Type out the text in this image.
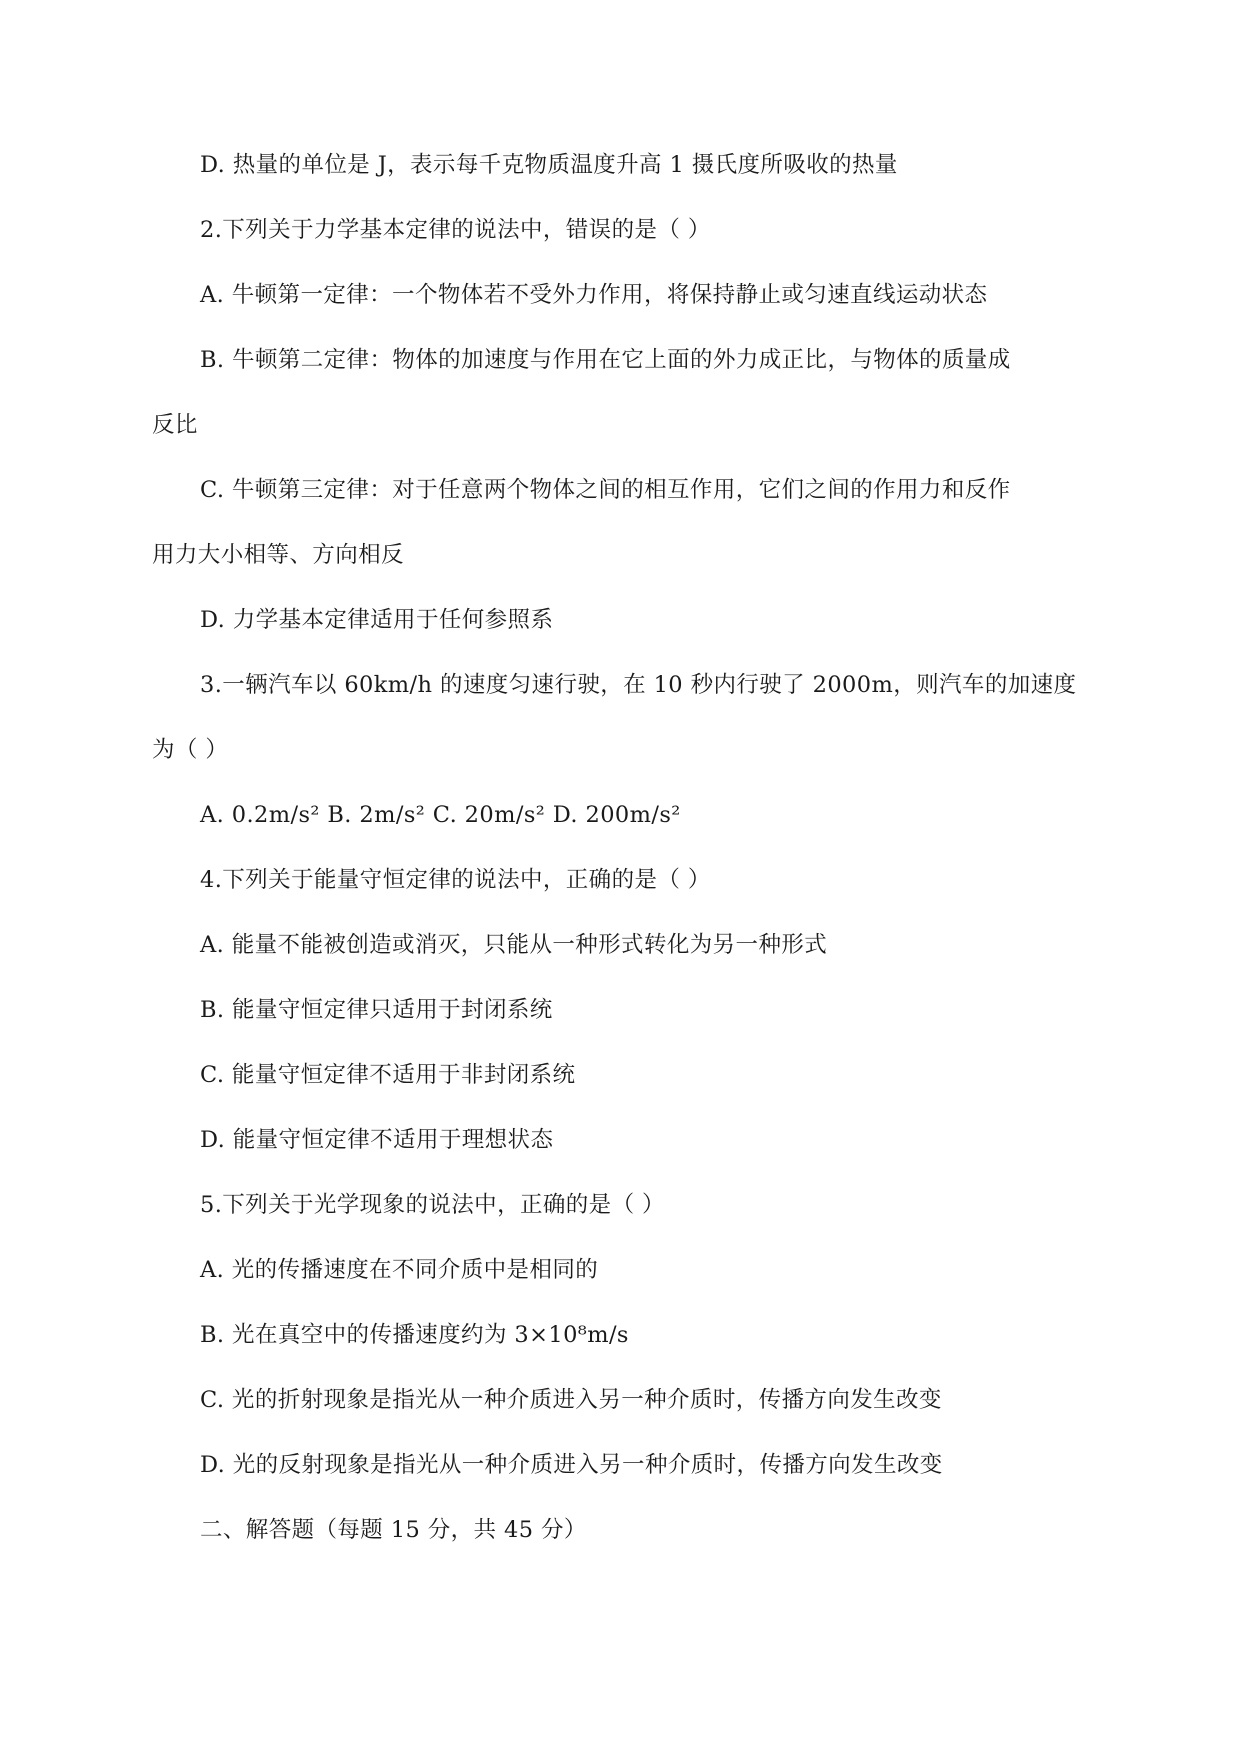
D. 热量的单位是 J，表示每千克物质温度升高 1 摄氏度所吸收的热量
2.下列关于力学基本定律的说法中，错误的是（ ）
A. 牛顿第一定律：一个物体若不受外力作用，将保持静止或匀速直线运动状态
B. 牛顿第二定律：物体的加速度与作用在它上面的外力成正比，与物体的质量成
反比
C. 牛顿第三定律：对于任意两个物体之间的相互作用，它们之间的作用力和反作
用力大小相等、方向相反
D. 力学基本定律适用于任何参照系
3.一辆汽车以 60km/h 的速度匀速行驶，在 10 秒内行驶了 2000m，则汽车的加速度
为（ ）
A. 0.2m/s² B. 2m/s² C. 20m/s² D. 200m/s²
4.下列关于能量守恒定律的说法中，正确的是（ ）
A. 能量不能被创造或消灭，只能从一种形式转化为另一种形式
B. 能量守恒定律只适用于封闭系统
C. 能量守恒定律不适用于非封闭系统
D. 能量守恒定律不适用于理想状态
5.下列关于光学现象的说法中，正确的是（ ）
A. 光的传播速度在不同介质中是相同的
B. 光在真空中的传播速度约为 3×10⁸m/s
C. 光的折射现象是指光从一种介质进入另一种介质时，传播方向发生改变
D. 光的反射现象是指光从一种介质进入另一种介质时，传播方向发生改变
二、解答题（每题 15 分，共 45 分）
